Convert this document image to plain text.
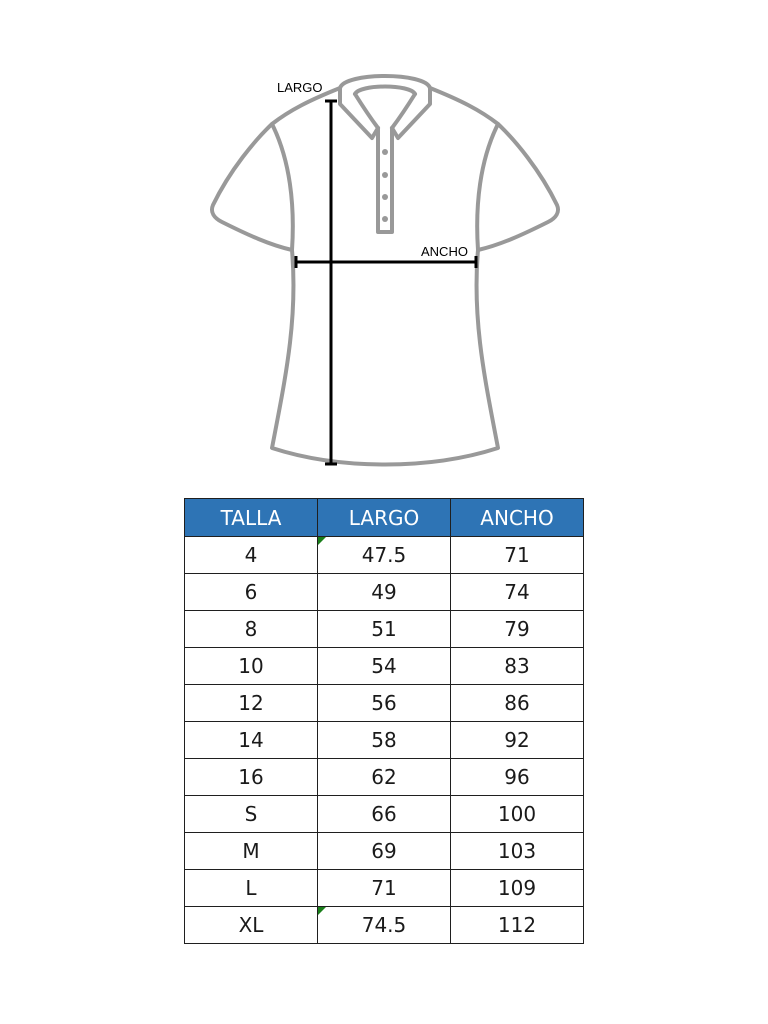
LARGO
ANCHO
TALLA	LARGO	ANCHO
4	47.5	71
6	49	74
8	51	79
10	54	83
12	56	86
14	58	92
16	62	96
S	66	100
M	69	103
L	71	109
XL	74.5	112
